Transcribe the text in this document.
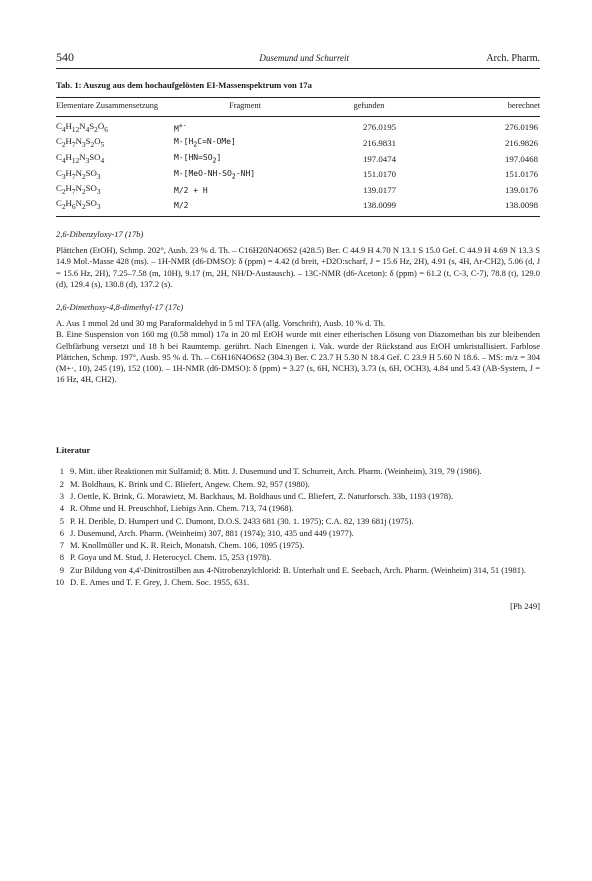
540	Dusemund und Schurreit	Arch. Pharm.
Tab. 1: Auszug aus dem hochaufgelösten EI-Massenspektrum von 17a
Elementare Zusammensetzung	Fragment	gefunden	berechnet
$C_4H_{12}N_4S_2O_6$	M+·	276.0195	276.0196
$C_2H_7N_3S_2O_5$	$M-[H_2C=N-OMe]$	216.9831	216.9826
$C_4H_{12}N_3SO_4$	$M-[HN=SO_2]$	197.0474	197.0468
$C_3H_7N_2SO_3$	$M-[MeO-NH-SO_2-NH]$	151.0170	151.0176
$C_2H_7N_2SO_3$	M/2 + H	139.0177	139.0176
$C_2H_6N_2SO_3$	M/2	138.0099	138.0098
2,6-Dibenzyloxy-17 (17b)

Plättchen (EtOH), Schmp. 202°, Ausb. 23 % d. Th. – C16H20N4O6S2 (428.5) Ber. C 44.9 H 4.70 N 13.1 S 15.0 Gef. C 44.9 H 4.69 N 13.3 S 14.9 Mol.-Masse 428 (ms). – 1H-NMR (d6-DMSO): δ (ppm) = 4.42 (d breit, +D2O:scharf, J = 15.6 Hz, 2H), 4.91 (s, 4H, Ar-CH2), 5.06 (d, J = 15.6 Hz, 2H), 7.25–7.58 (m, 10H), 9.17 (m, 2H, NH/D-Austausch). – 13C-NMR (d6-Aceton): δ (ppm) = 61.2 (t, C-3, C-7), 78.8 (t), 129.0 (d), 129.4 (s), 130.8 (d), 137.2 (s).

2,6-Dimethoxy-4,8-dimethyl-17 (17c)

A. Aus 1 mmol 2d und 30 mg Paraformaldehyd in 5 ml TFA (allg. Vorschrift), Ausb. 10 % d. Th.

B. Eine Suspension von 160 mg (0.58 mmol) 17a in 20 ml EtOH wurde mit einer etherischen Lösung von Diazomethan bis zur bleibenden Gelbfärbung versetzt und 18 h bei Raumtemp. gerührt. Nach Einengen i. Vak. wurde der Rückstand aus EtOH umkristallisiert. Farblose Plättchen, Schmp. 197°, Ausb. 95 % d. Th. – C6H16N4O6S2 (304.3) Ber. C 23.7 H 5.30 N 18.4 Gef. C 23.9 H 5.60 N 18.6. – MS: m/z = 304 (M+·, 10), 245 (19), 152 (100). – 1H-NMR (d6-DMSO): δ (ppm) = 3.27 (s, 6H, NCH3), 3.73 (s, 6H, OCH3), 4.84 und 5.43 (AB-System, J = 16 Hz, 4H, CH2).

Literatur
1 9. Mitt. über Reaktionen mit Sulfamid; 8. Mitt. J. Dusemund und T. Schurreit, Arch. Pharm. (Weinheim), 319, 79 (1986).
2 M. Boldhaus, K. Brink und C. Bliefert, Angew. Chem. 92, 957 (1980).
3 J. Oettle, K. Brink, G. Morawietz, M. Backhaus, M. Boldhaus und C. Bliefert, Z. Naturforsch. 33b, 1193 (1978).
4 R. Ohme und H. Preuschhof, Liebigs Ann. Chem. 713, 74 (1968).
5 P. H. Derible, D. Humpert und C. Dumont, D.O.S. 2433 681 (30. 1. 1975); C.A. 82, 139 681j (1975).
6 J. Dusemund, Arch. Pharm. (Weinheim) 307, 881 (1974); 310, 435 und 449 (1977).
7 M. Knollmüller und K. R. Reich, Monatsh. Chem. 106, 1095 (1975).
8 P. Goya und M. Stud, J. Heterocycl. Chem. 15, 253 (1978).
9 Zur Bildung von 4,4'-Dinitrostilben aus 4-Nitrobenzylchlorid: B. Unterhalt und E. Seebach, Arch. Pharm. (Weinheim) 314, 51 (1981).
10 D. E. Ames und T. F. Grey, J. Chem. Soc. 1955, 631.
[Ph 249]
